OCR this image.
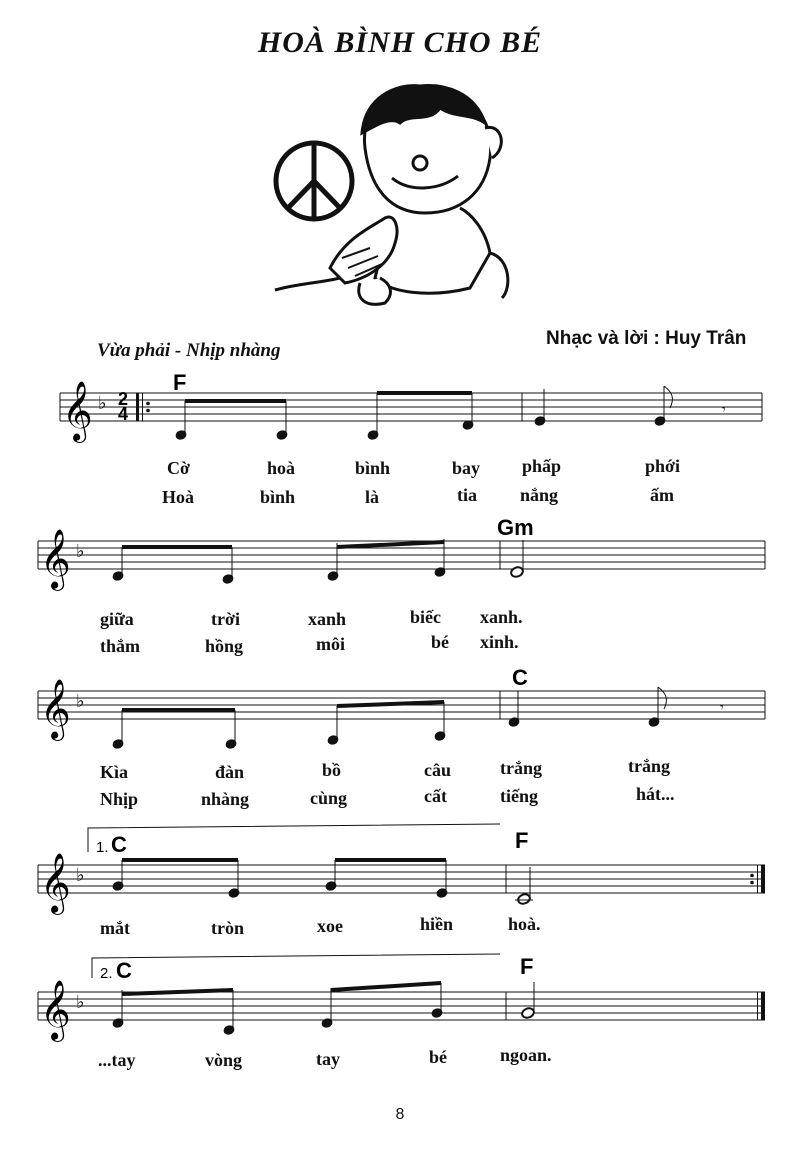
HOÀ BÌNH CHO BÉ
Vừa phải - Nhịp nhàng
Nhạc và lời : Huy Trân
𝄞 ♭ 2
4	𝄾
F
Cờ	hoà	bình	bay phấp	phới
Hoà	bình	là	tia nắng	ấm
𝄞 ♭
Gm
giữa	trời	xanh	biếc xanh.
thắm	hồng	môi	bé xinh.
𝄞 ♭	𝄾
C
Kìa	đàn	bồ	câu	trắng	trắng
Nhịp	nhàng	cùng	cất	tiếng	hát...
1.
𝄞 ♭
C	F
mắt	tròn	xoe	hiền	hoà.
2.
𝄞 ♭
C	F
...tay	vòng	tay	bé	ngoan.
8
